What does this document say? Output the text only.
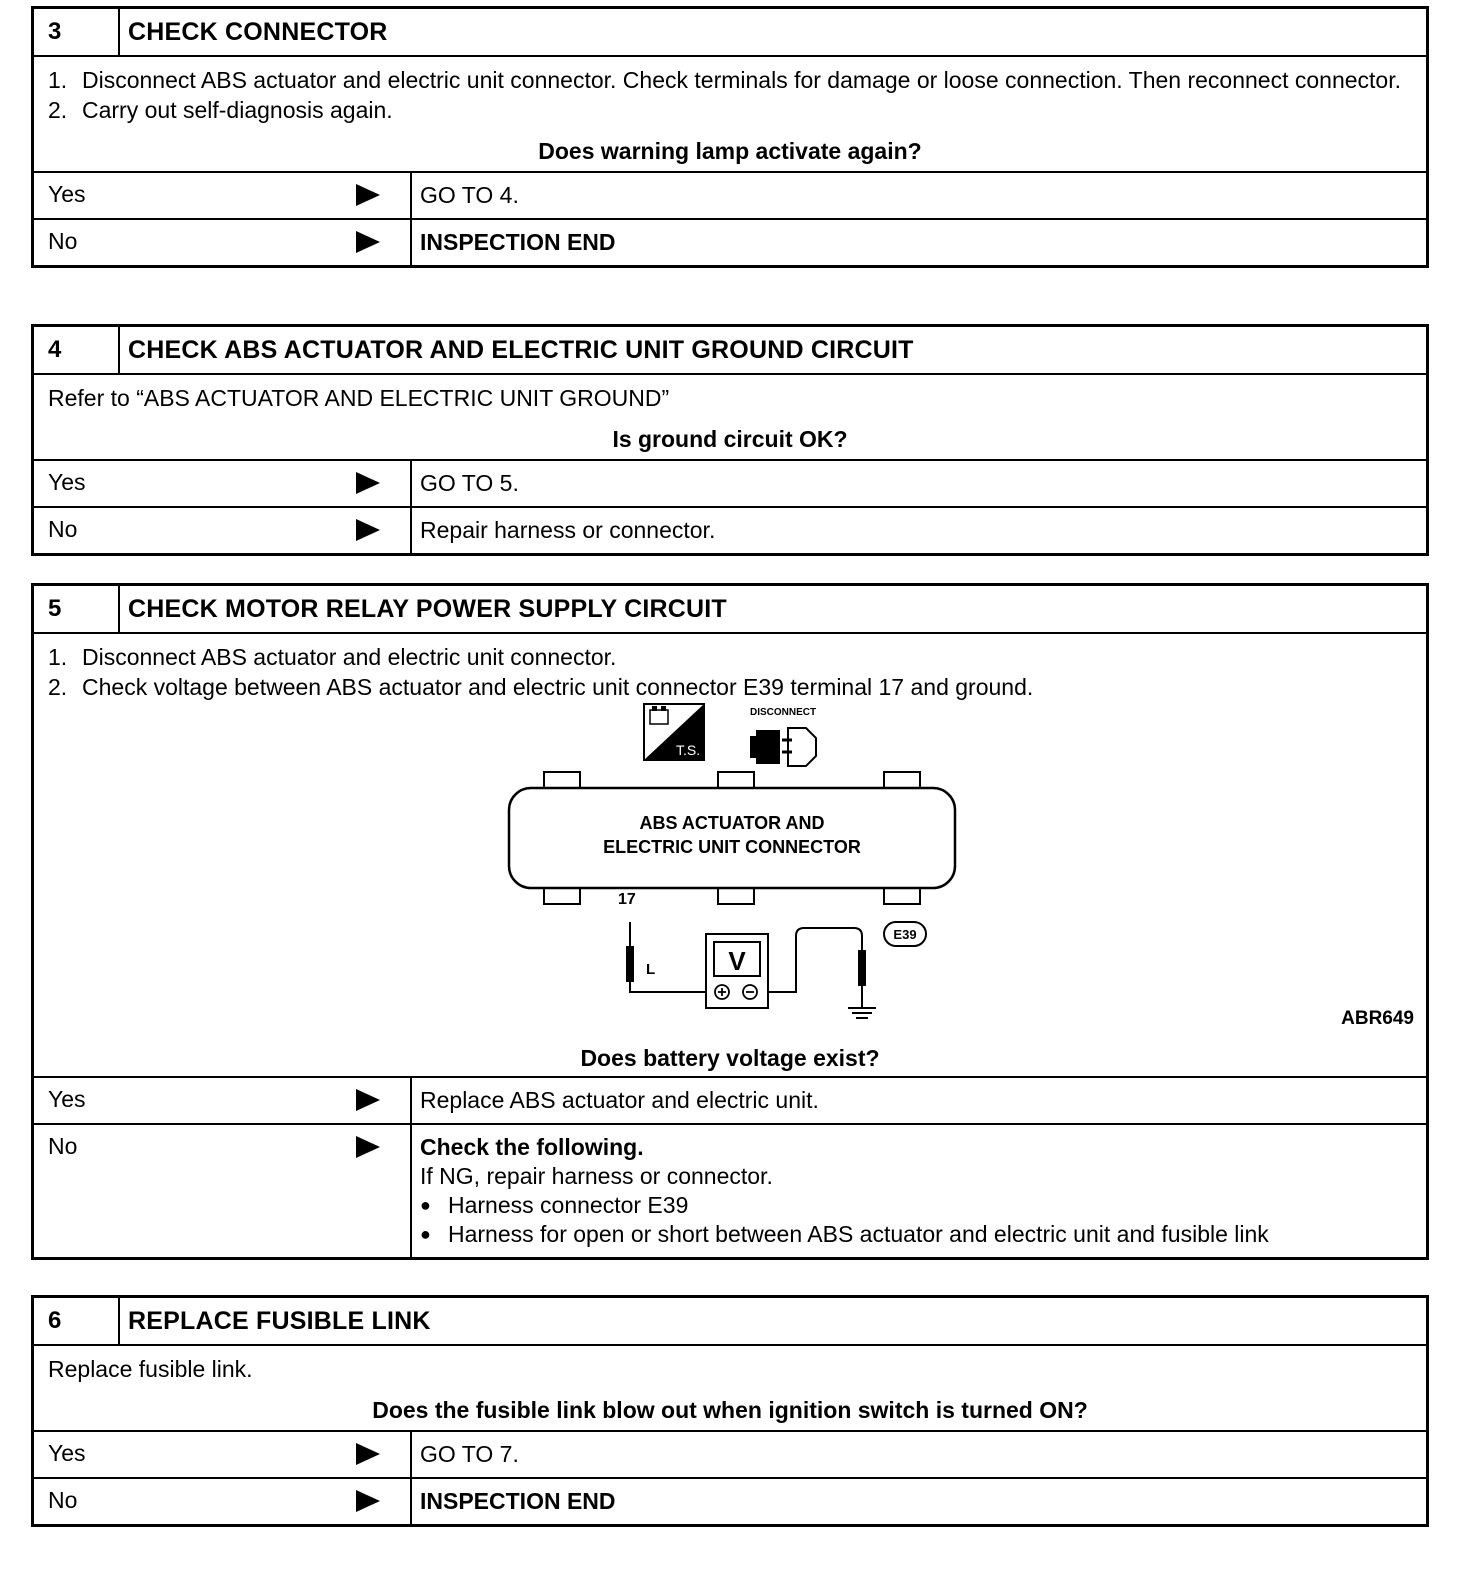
3	CHECK CONNECTOR
1. Disconnect ABS actuator and electric unit connector. Check terminals for damage or loose connection. Then reconnect connector.
2. Carry out self-diagnosis again.
Does warning lamp activate again?
Yes	GO TO 4.
No	INSPECTION END
4	CHECK ABS ACTUATOR AND ELECTRIC UNIT GROUND CIRCUIT
Refer to “ABS ACTUATOR AND ELECTRIC UNIT GROUND”
Is ground circuit OK?
Yes	GO TO 5.
No	Repair harness or connector.
5	CHECK MOTOR RELAY POWER SUPPLY CIRCUIT
1. Disconnect ABS actuator and electric unit connector.
2. Check voltage between ABS actuator and electric unit connector E39 terminal 17 and ground.
T.S.
DISCONNECT
ABS ACTUATOR AND
ELECTRIC UNIT CONNECTOR
17
L	V
E39
ABR649
Does battery voltage exist?
Yes	Replace ABS actuator and electric unit.
No	Check the following.
If NG, repair harness or connector.
● Harness connector E39
● Harness for open or short between ABS actuator and electric unit and fusible link
6	REPLACE FUSIBLE LINK
Replace fusible link.
Does the fusible link blow out when ignition switch is turned ON?
Yes	GO TO 7.
No	INSPECTION END
